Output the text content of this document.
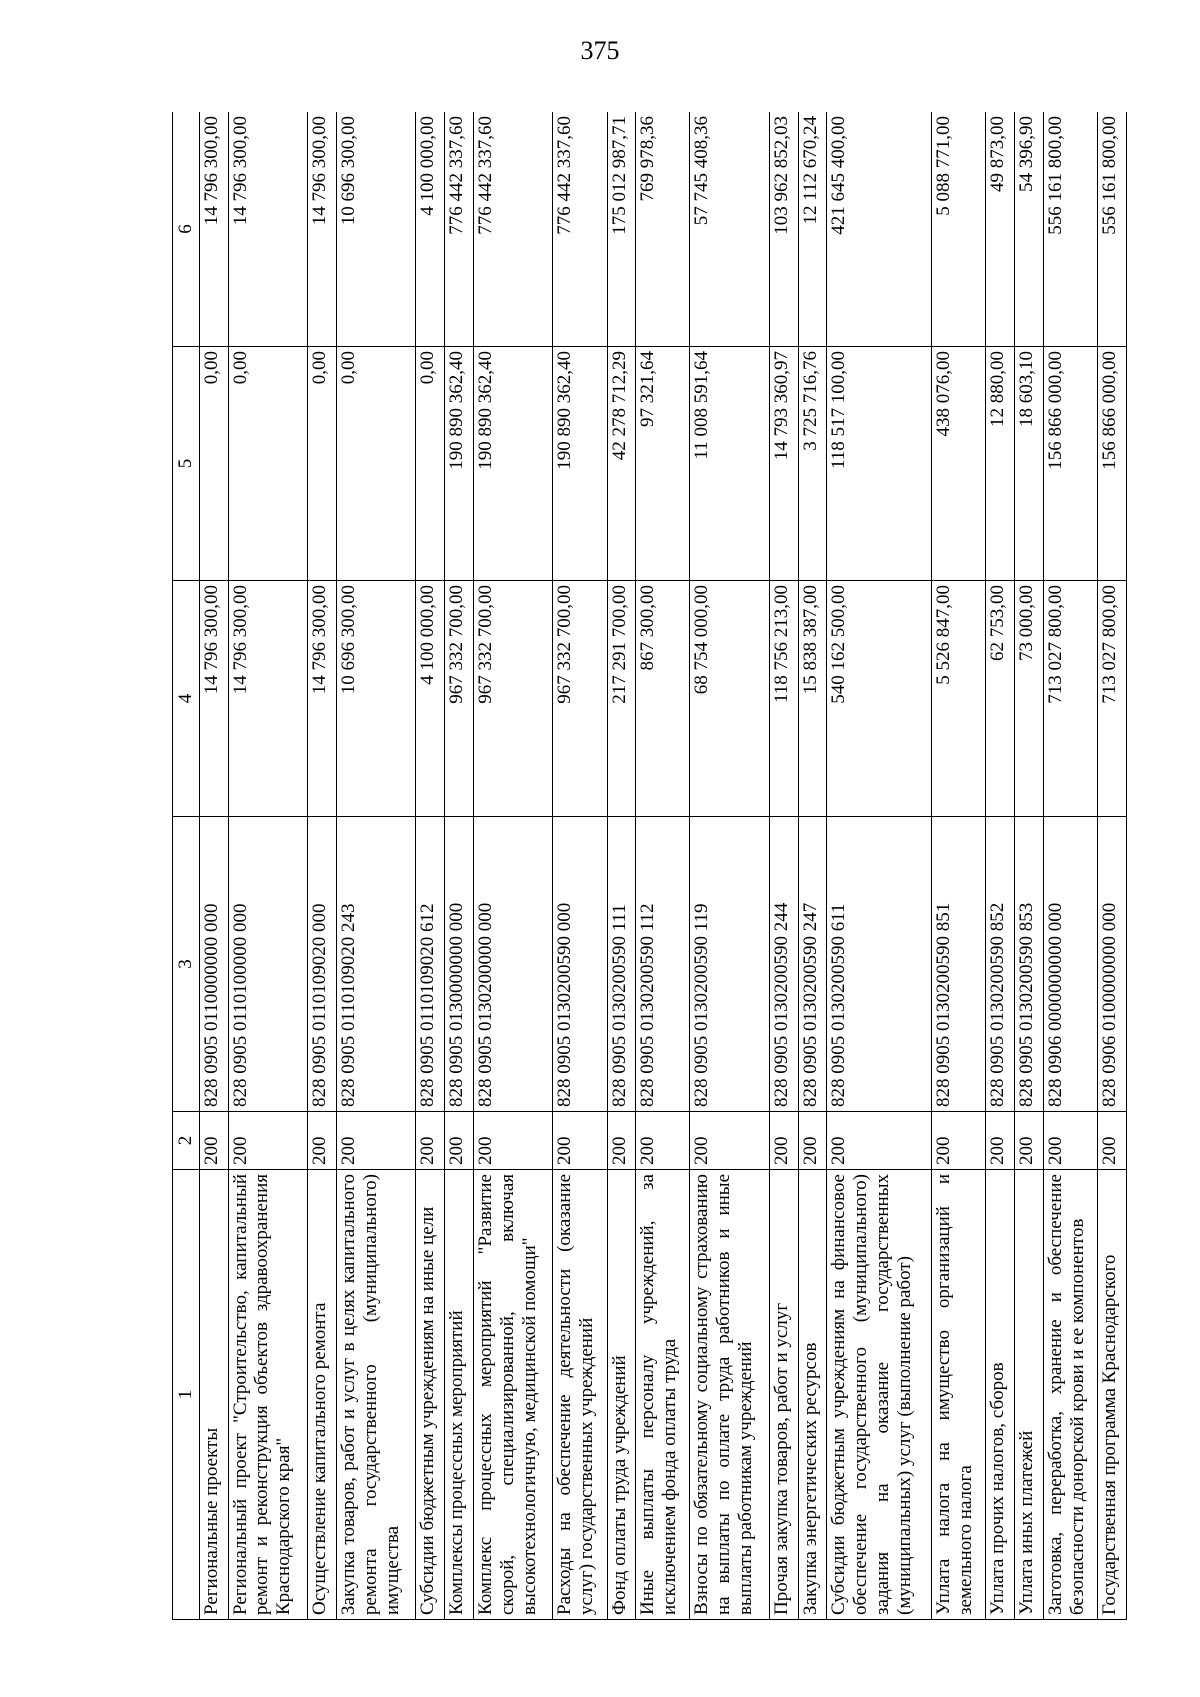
375
1	2	3	4	5	6
Региональные проекты	200	828 0905 0110000000 000	14 796 300,00	0,00	14 796 300,00
Региональный проект "Строительство, капитальный ремонт и реконструкция объектов здравоохранения Краснодарского края"	200	828 0905 0110100000 000	14 796 300,00	0,00	14 796 300,00
Осуществление капитального ремонта	200	828 0905 0110109020 000	14 796 300,00	0,00	14 796 300,00
Закупка товаров, работ и услуг в целях капитального ремонта государственного (муниципального) имущества	200	828 0905 0110109020 243	10 696 300,00	0,00	10 696 300,00
Субсидии бюджетным учреждениям на иные цели	200	828 0905 0110109020 612	4 100 000,00	0,00	4 100 000,00
Комплексы процессных мероприятий	200	828 0905 0130000000 000	967 332 700,00	190 890 362,40	776 442 337,60
Комплекс процессных мероприятий "Развитие скорой, специализированной, включая высокотехнологичную, медицинской помощи"	200	828 0905 0130200000 000	967 332 700,00	190 890 362,40	776 442 337,60
Расходы на обеспечение деятельности (оказание услуг) государственных учреждений	200	828 0905 0130200590 000	967 332 700,00	190 890 362,40	776 442 337,60
Фонд оплаты труда учреждений	200	828 0905 0130200590 111	217 291 700,00	42 278 712,29	175 012 987,71
Иные выплаты персоналу учреждений, за исключением фонда оплаты труда	200	828 0905 0130200590 112	867 300,00	97 321,64	769 978,36
Взносы по обязательному социальному страхованию на выплаты по оплате труда работников и иные выплаты работникам учреждений	200	828 0905 0130200590 119	68 754 000,00	11 008 591,64	57 745 408,36
Прочая закупка товаров, работ и услуг	200	828 0905 0130200590 244	118 756 213,00	14 793 360,97	103 962 852,03
Закупка энергетических ресурсов	200	828 0905 0130200590 247	15 838 387,00	3 725 716,76	12 112 670,24
Субсидии бюджетным учреждениям на финансовое обеспечение государственного (муниципального) задания на оказание государственных (муниципальных) услуг (выполнение работ)	200	828 0905 0130200590 611	540 162 500,00	118 517 100,00	421 645 400,00
Уплата налога на имущество организаций и земельного налога	200	828 0905 0130200590 851	5 526 847,00	438 076,00	5 088 771,00
Уплата прочих налогов, сборов	200	828 0905 0130200590 852	62 753,00	12 880,00	49 873,00
Уплата иных платежей	200	828 0905 0130200590 853	73 000,00	18 603,10	54 396,90
Заготовка, переработка, хранение и обеспечение безопасности донорской крови и ее компонентов	200	828 0906 0000000000 000	713 027 800,00	156 866 000,00	556 161 800,00
Государственная программа Краснодарского	200	828 0906 0100000000 000	713 027 800,00	156 866 000,00	556 161 800,00
